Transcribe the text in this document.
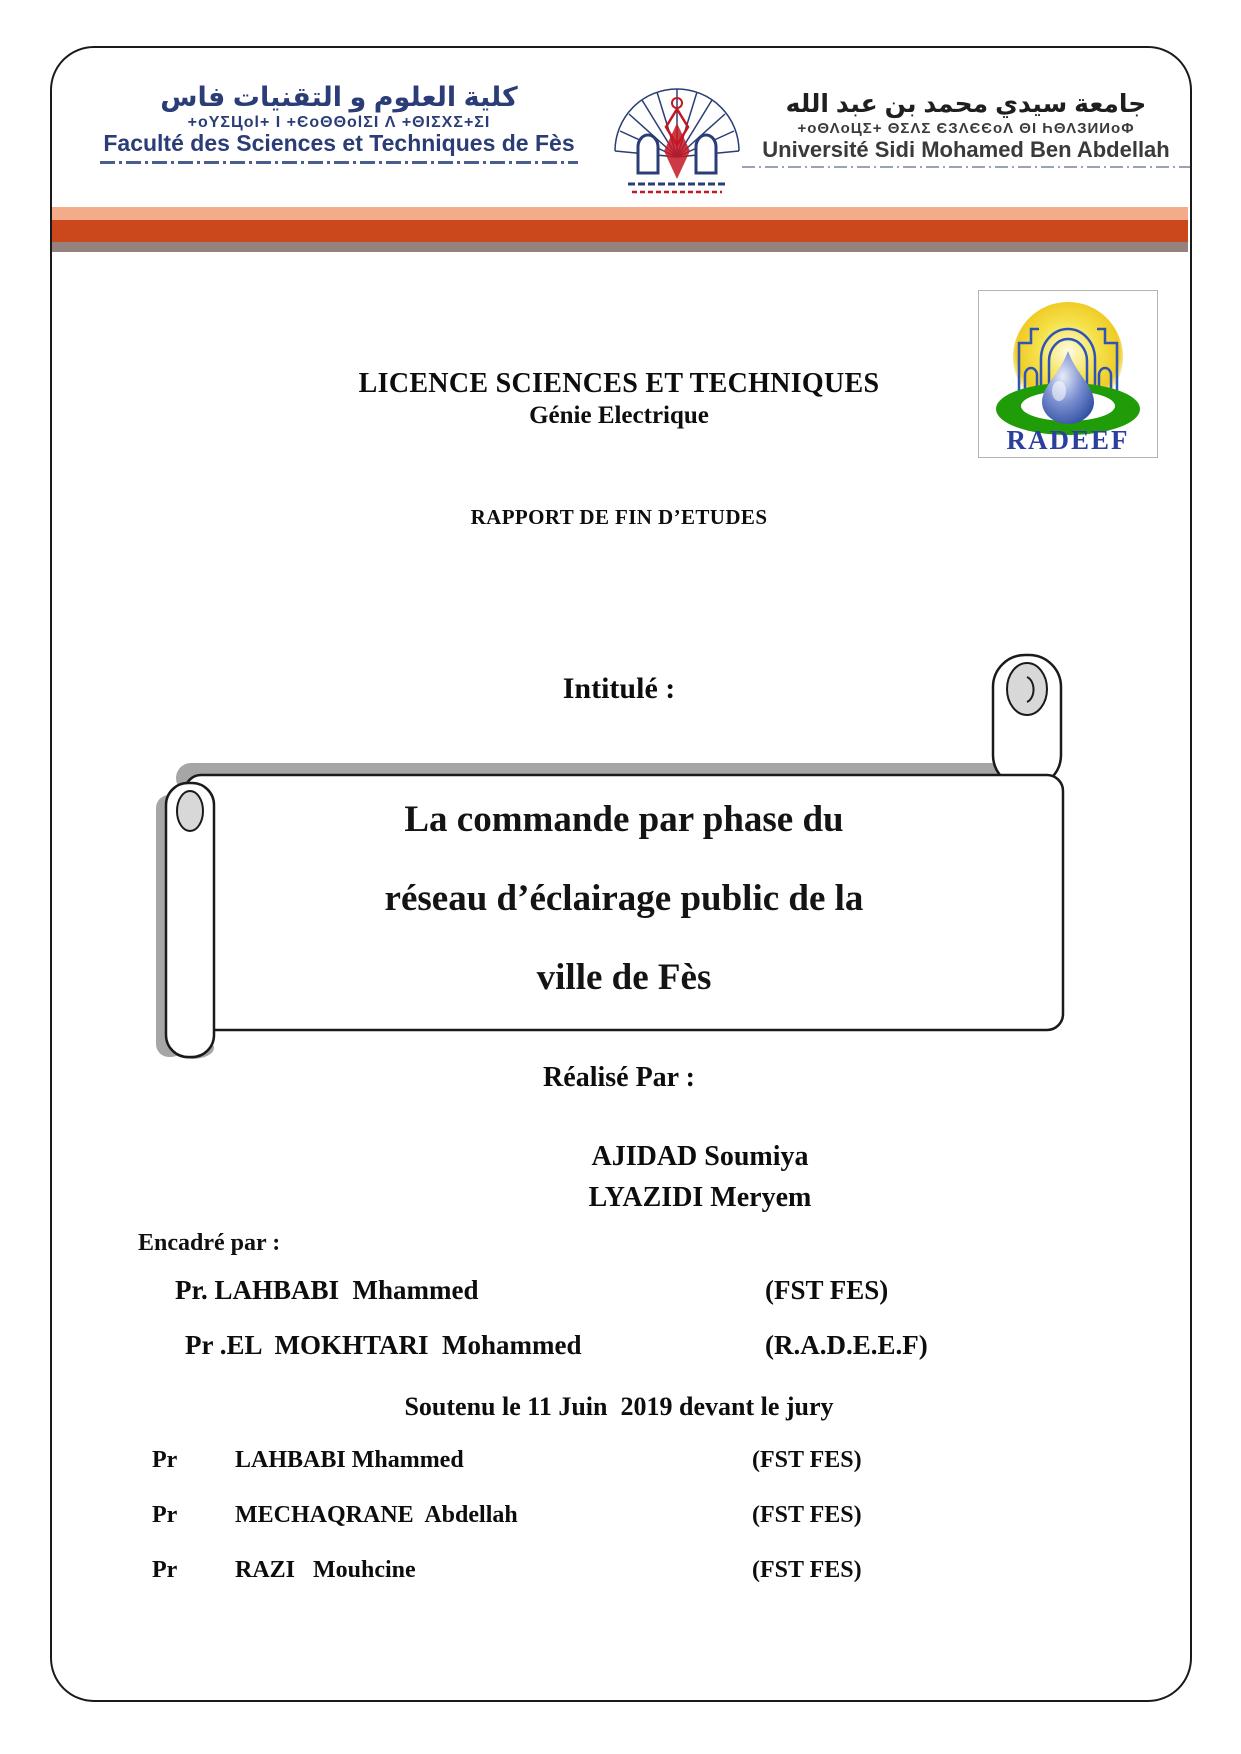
كلية العلوم و التقنيات فاس
+oYΣЦol+ I +ЄoΘΘolΣI Λ +ΘIΣXΣ+ΣI
Faculté des Sciences et Techniques de Fès
جامعة سيدي محمد بن عبد الله
+oΘΛoЦΣ+ ΘΣΛΣ ЄЗΛЄЄoΛ ΘI ҺΘΛЗИИoΦ
Université Sidi Mohamed Ben Abdellah
RADEEF
LICENCE SCIENCES ET TECHNIQUES
Génie Electrique
RAPPORT DE FIN D’ETUDES
Intitulé :
La commande par phase du
réseau d’éclairage public de la
ville de Fès
Réalisé Par :
AJIDAD Soumiya
LYAZIDI Meryem
Encadré par :
Pr. LAHBABI  Mhammed	(FST FES)
Pr .EL  MOKHTARI  Mohammed	(R.A.D.E.E.F)
Soutenu le 11 Juin  2019 devant le jury
Pr LAHBABI Mhammed	(FST FES)
Pr MECHAQRANE  Abdellah	(FST FES)
Pr RAZI   Mouhcine	(FST FES)
